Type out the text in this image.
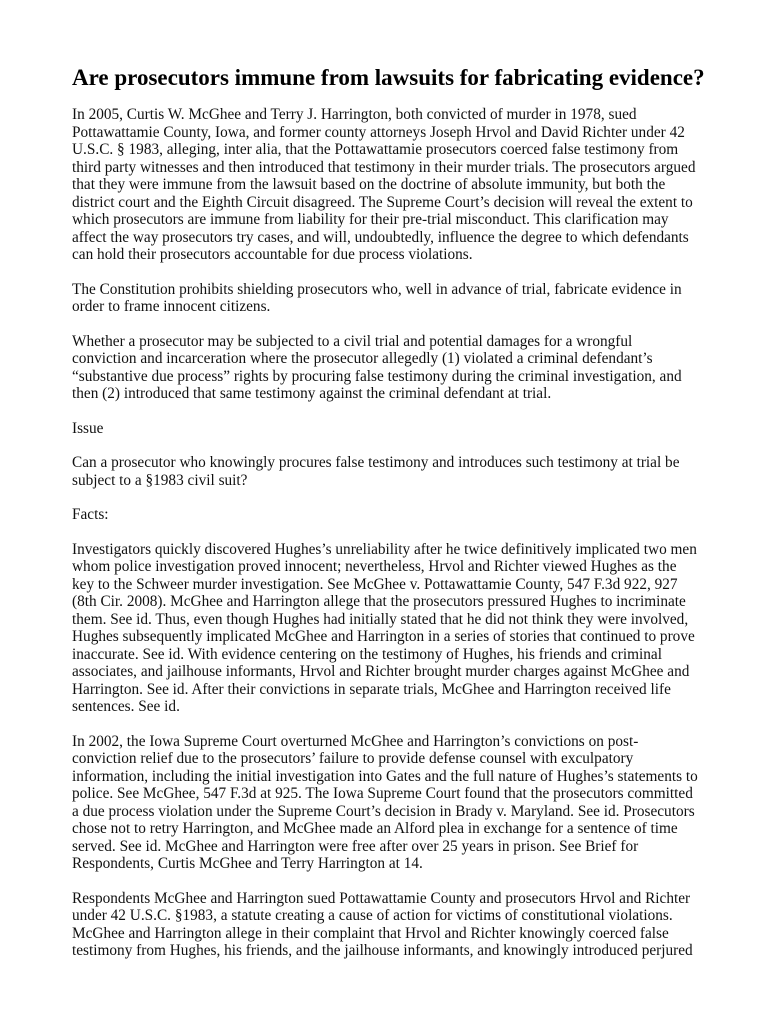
Are prosecutors immune from lawsuits for fabricating evidence?

In 2005, Curtis W. McGhee and Terry J. Harrington, both convicted of murder in 1978, sued Pottawattamie County, Iowa, and former county attorneys Joseph Hrvol and David Richter under 42 U.S.C. § 1983, alleging, inter alia, that the Pottawattamie prosecutors coerced false testimony from third party witnesses and then introduced that testimony in their murder trials. The prosecutors argued that they were immune from the lawsuit based on the doctrine of absolute immunity, but both the district court and the Eighth Circuit disagreed. The Supreme Court’s decision will reveal the extent to which prosecutors are immune from liability for their pre-trial misconduct. This clarification may affect the way prosecutors try cases, and will, undoubtedly, influence the degree to which defendants can hold their prosecutors accountable for due process violations.

The Constitution prohibits shielding prosecutors who, well in advance of trial, fabricate evidence in order to frame innocent citizens.

Whether a prosecutor may be subjected to a civil trial and potential damages for a wrongful conviction and incarceration where the prosecutor allegedly (1) violated a criminal defendant’s “substantive due process” rights by procuring false testimony during the criminal investigation, and then (2) introduced that same testimony against the criminal defendant at trial.

Issue

Can a prosecutor who knowingly procures false testimony and introduces such testimony at trial be subject to a §1983 civil suit?

Facts:

Investigators quickly discovered Hughes’s unreliability after he twice definitively implicated two men whom police investigation proved innocent; nevertheless, Hrvol and Richter viewed Hughes as the key to the Schweer murder investigation. See McGhee v. Pottawattamie County, 547 F.3d 922, 927 (8th Cir. 2008). McGhee and Harrington allege that the prosecutors pressured Hughes to incriminate them. See id. Thus, even though Hughes had initially stated that he did not think they were involved, Hughes subsequently implicated McGhee and Harrington in a series of stories that continued to prove inaccurate. See id. With evidence centering on the testimony of Hughes, his friends and criminal associates, and jailhouse informants, Hrvol and Richter brought murder charges against McGhee and Harrington. See id. After their convictions in separate trials, McGhee and Harrington received life sentences. See id.

In 2002, the Iowa Supreme Court overturned McGhee and Harrington’s convictions on post-conviction relief due to the prosecutors’ failure to provide defense counsel with exculpatory information, including the initial investigation into Gates and the full nature of Hughes’s statements to police. See McGhee, 547 F.3d at 925. The Iowa Supreme Court found that the prosecutors committed a due process violation under the Supreme Court’s decision in Brady v. Maryland. See id. Prosecutors chose not to retry Harrington, and McGhee made an Alford plea in exchange for a sentence of time served. See id. McGhee and Harrington were free after over 25 years in prison. See Brief for Respondents, Curtis McGhee and Terry Harrington at 14.

Respondents McGhee and Harrington sued Pottawattamie County and prosecutors Hrvol and Richter under 42 U.S.C. §1983, a statute creating a cause of action for victims of constitutional violations. McGhee and Harrington allege in their complaint that Hrvol and Richter knowingly coerced false testimony from Hughes, his friends, and the jailhouse informants, and knowingly introduced perjured
